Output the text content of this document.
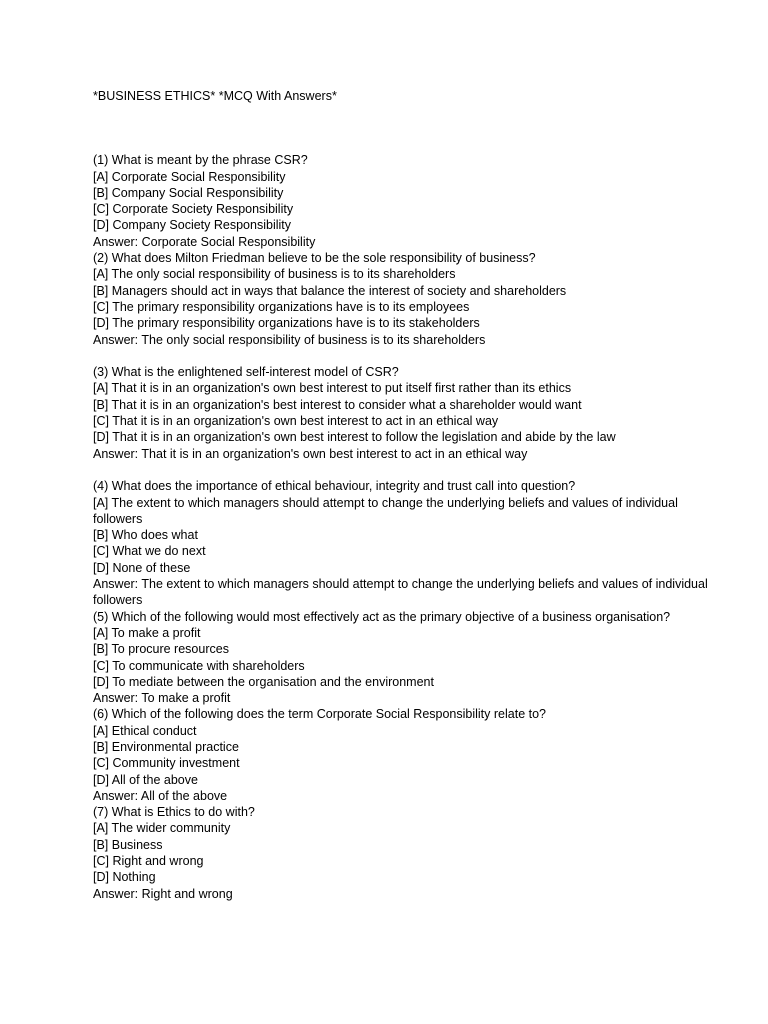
*BUSINESS ETHICS* *MCQ With Answers*
(1) What is meant by the phrase CSR?
[A] Corporate Social Responsibility
[B] Company Social Responsibility
[C] Corporate Society Responsibility
[D] Company Society Responsibility
Answer: Corporate Social Responsibility
(2) What does Milton Friedman believe to be the sole responsibility of business?
[A] The only social responsibility of business is to its shareholders
[B] Managers should act in ways that balance the interest of society and shareholders
[C] The primary responsibility organizations have is to its employees
[D] The primary responsibility organizations have is to its stakeholders
Answer: The only social responsibility of business is to its shareholders
(3) What is the enlightened self-interest model of CSR?
[A] That it is in an organization's own best interest to put itself first rather than its ethics
[B] That it is in an organization's best interest to consider what a shareholder would want
[C] That it is in an organization's own best interest to act in an ethical way
[D] That it is in an organization's own best interest to follow the legislation and abide by the law
Answer: That it is in an organization's own best interest to act in an ethical way
(4) What does the importance of ethical behaviour, integrity and trust call into question?
[A] The extent to which managers should attempt to change the underlying beliefs and values of individual followers
[B] Who does what
[C] What we do next
[D] None of these
Answer: The extent to which managers should attempt to change the underlying beliefs and values of individual followers
(5) Which of the following would most effectively act as the primary objective of a business organisation?
[A] To make a profit
[B] To procure resources
[C] To communicate with shareholders
[D] To mediate between the organisation and the environment
Answer: To make a profit
(6) Which of the following does the term Corporate Social Responsibility relate to?
[A] Ethical conduct
[B] Environmental practice
[C] Community investment
[D] All of the above
Answer: All of the above
(7) What is Ethics to do with?
[A] The wider community
[B] Business
[C] Right and wrong
[D] Nothing
Answer: Right and wrong
